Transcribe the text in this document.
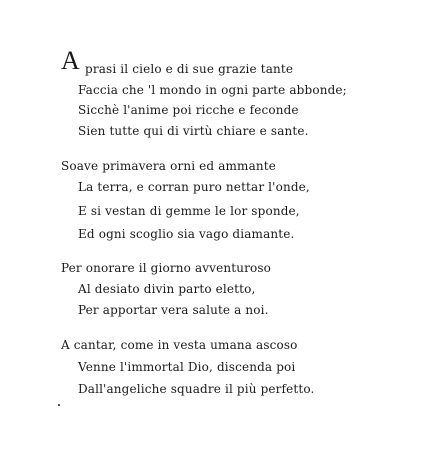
A prasi il cielo e di sue grazie tante
Faccia che 'l mondo in ogni parte abbonde;
Sicchè l'anime poi ricche e feconde
Sien tutte qui di virtù chiare e sante.
Soave primavera orni ed ammante
La terra, e corran puro nettar l'onde,
E si vestan di gemme le lor sponde,
Ed ogni scoglio sia vago diamante.
Per onorare il giorno avventuroso
Al desiato divin parto eletto,
Per apportar vera salute a noi.
A cantar, come in vesta umana ascoso
Venne l'immortal Dio, discenda poi
Dall'angeliche squadre il più perfetto.
